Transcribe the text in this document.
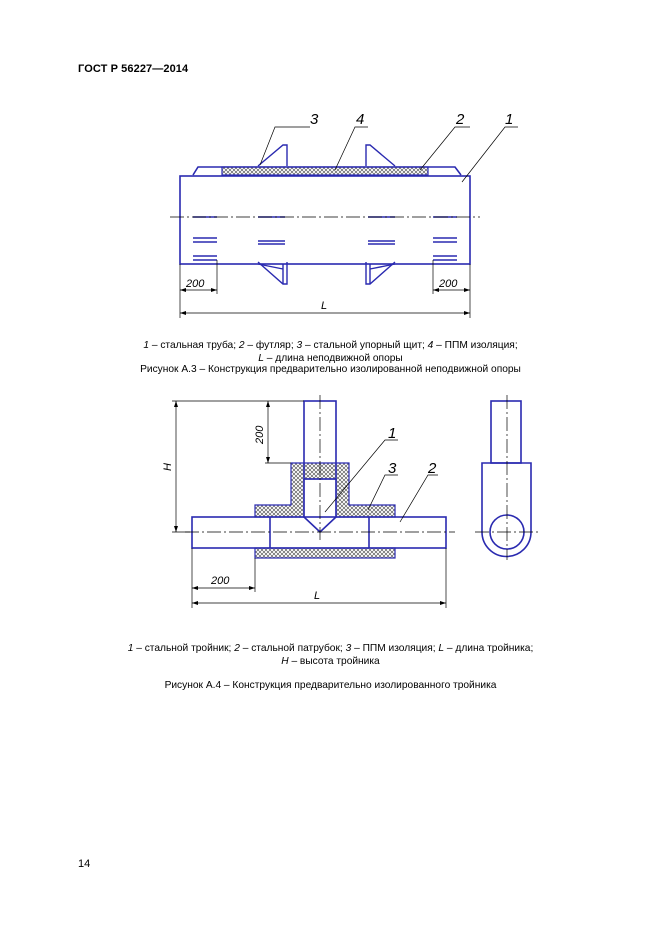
ГОСТ Р 56227—2014
3	4	2	1
200	200
L
1 – стальная труба; 2 – футляр; 3 – стальной упорный щит; 4 – ППМ изоляция;
L – длина неподвижной опоры
Рисунок А.3 – Конструкция предварительно изолированной неподвижной опоры
1
3 2
200
H
200
L
1 – стальной тройник; 2 – стальной патрубок; 3 – ППМ изоляция; L – длина тройника;
H – высота тройника
Рисунок А.4 – Конструкция предварительно изолированного тройника
14
